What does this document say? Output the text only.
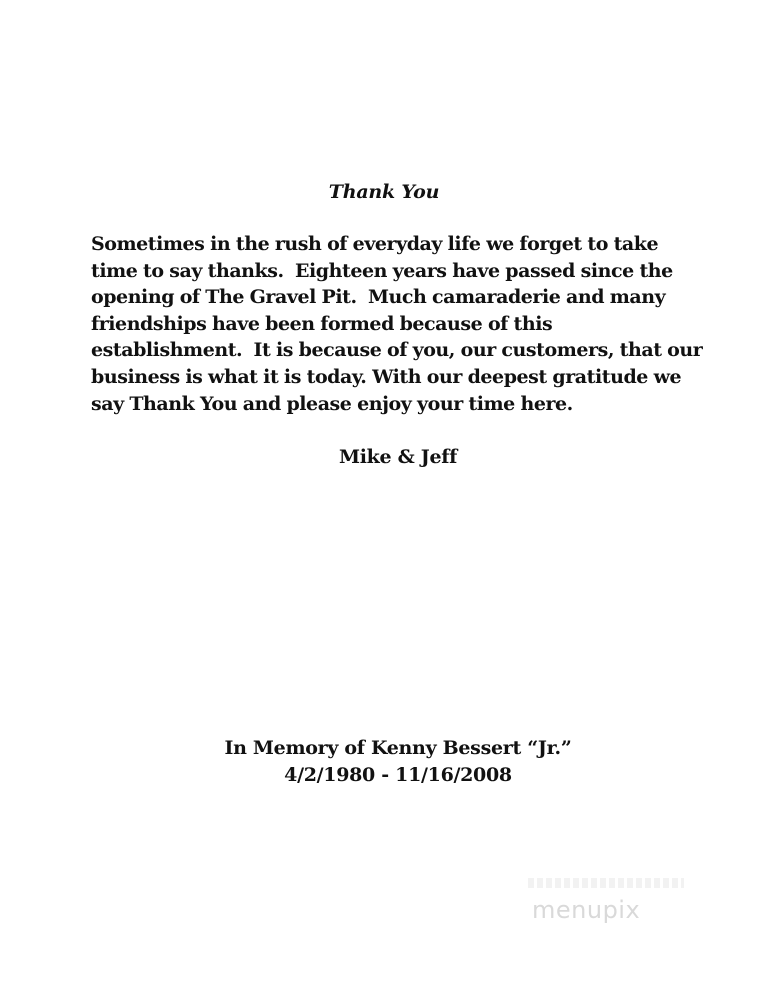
Thank You

Sometimes in the rush of everyday life we forget to take
time to say thanks.  Eighteen years have passed since the
opening of The Gravel Pit.  Much camaraderie and many
friendships have been formed because of this
establishment.  It is because of you, our customers, that our
business is what it is today. With our deepest gratitude we
say Thank You and please enjoy your time here.

Mike & Jeff
In Memory of Kenny Bessert “Jr.”
4/2/1980 - 11/16/2008
menupix
